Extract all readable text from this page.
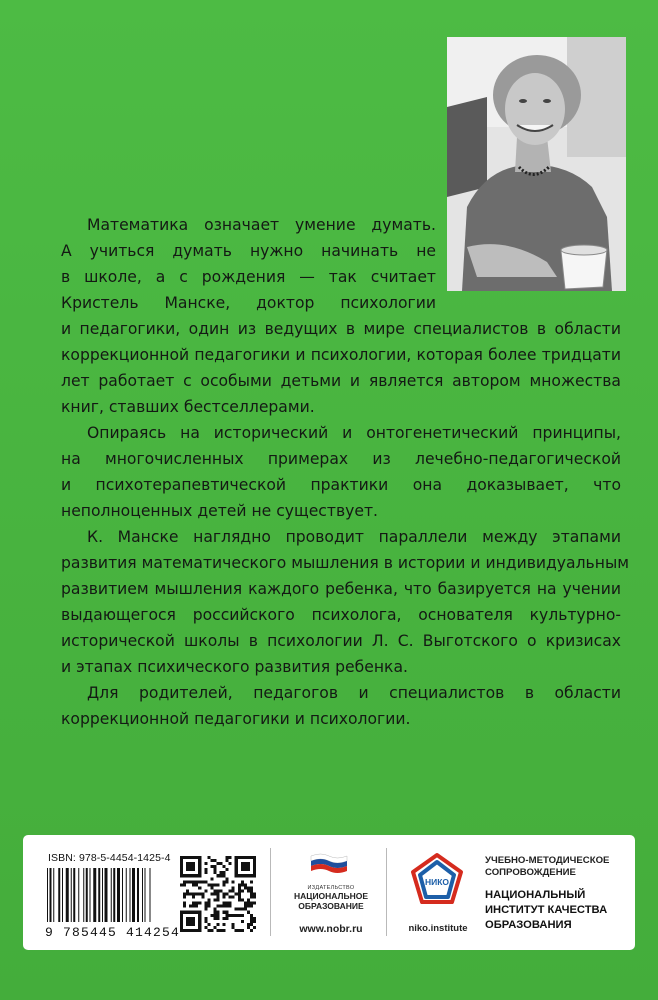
Математика означает умение думать.
А учиться думать нужно начинать не
в школе, а с рождения — так считает
Кристель Манске, доктор психологии
и педагогики, один из ведущих в мире специалистов в области
коррекционной педагогики и психологии, которая более тридцати
лет работает с особыми детьми и является автором множества
книг, ставших бестселлерами.

Опираясь на исторический и онтогенетический принципы,
на многочисленных примерах из лечебно-педагогической
и психотерапевтической практики она доказывает, что
неполноценных детей не существует.

К. Манске наглядно проводит параллели между этапами
развития математического мышления в истории и индивидуальным
развитием мышления каждого ребенка, что базируется на учении
выдающегося российского психолога, основателя культурно-
исторической школы в психологии Л. С. Выготского о кризисах
и этапах психического развития ребенка.

Для родителей, педагогов и специалистов в области
коррекционной педагогики и психологии.

ISBN: 978-5-4454-1425-4
9 785445 414254
ИЗДАТЕЛЬСТВО
НАЦИОНАЛЬНОЕ
ОБРАЗОВАНИЕ
www.nobr.ru
НИКО
niko.institute
УЧЕБНО-МЕТОДИЧЕСКОЕ
СОПРОВОЖДЕНИЕ
НАЦИОНАЛЬНЫЙ
ИНСТИТУТ КАЧЕСТВА
ОБРАЗОВАНИЯ
